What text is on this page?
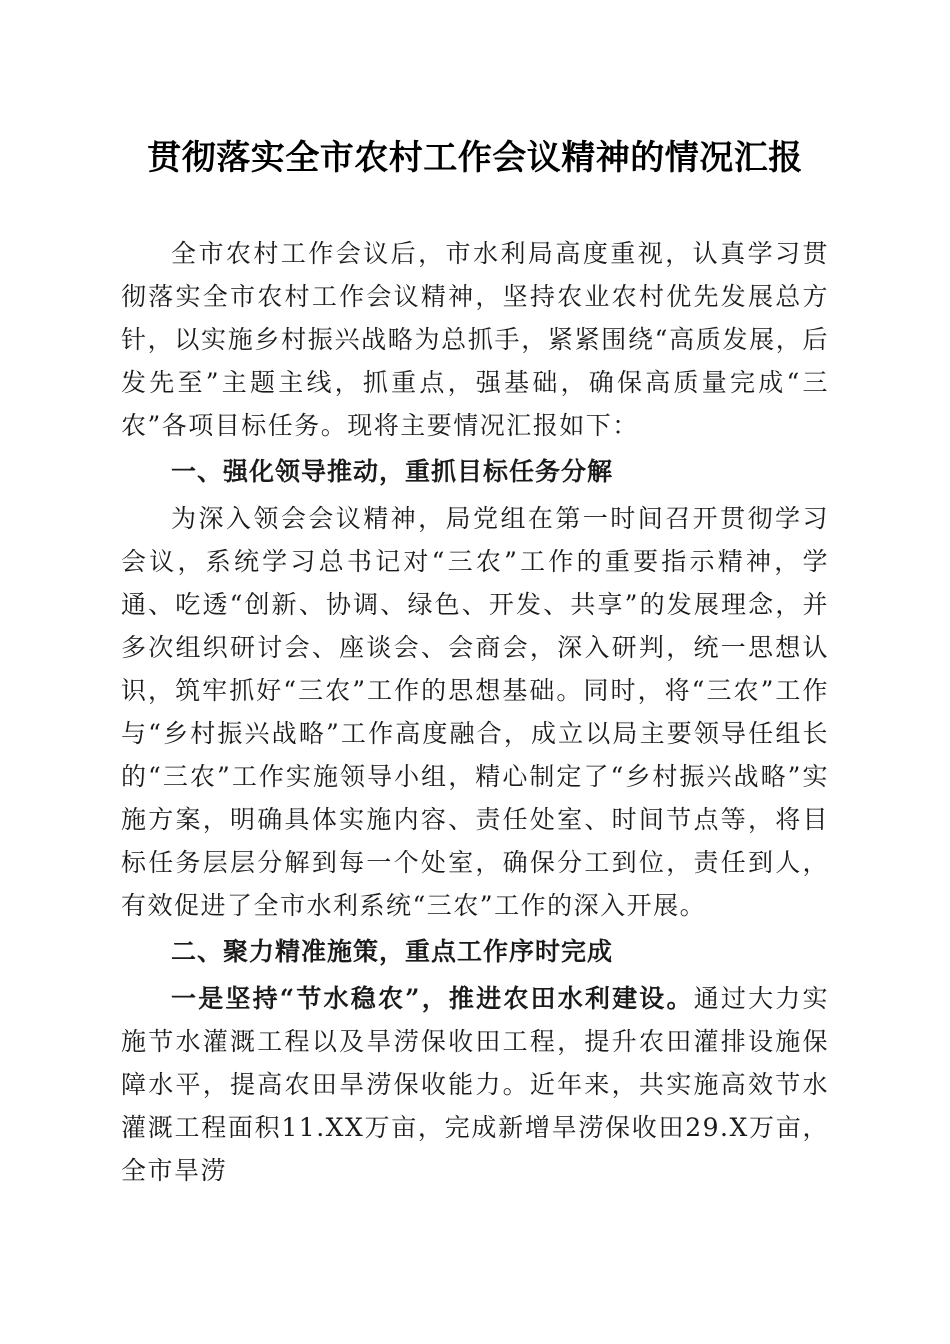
贯彻落实全市农村工作会议精神的情况汇报

全市农村工作会议后，市水利局高度重视，认真学习贯彻落实全市农村工作会议精神，坚持农业农村优先发展总方针，以实施乡村振兴战略为总抓手，紧紧围绕“高质发展，后发先至”主题主线，抓重点，强基础，确保高质量完成“三农”各项目标任务。现将主要情况汇报如下：

一、强化领导推动，重抓目标任务分解

为深入领会会议精神，局党组在第一时间召开贯彻学习会议，系统学习总书记对“三农”工作的重要指示精神，学通、吃透“创新、协调、绿色、开发、共享”的发展理念，并多次组织研讨会、座谈会、会商会，深入研判，统一思想认识，筑牢抓好“三农”工作的思想基础。同时，将“三农”工作与“乡村振兴战略”工作高度融合，成立以局主要领导任组长的“三农”工作实施领导小组，精心制定了“乡村振兴战略”实施方案，明确具体实施内容、责任处室、时间节点等，将目标任务层层分解到每一个处室，确保分工到位，责任到人，有效促进了全市水利系统“三农”工作的深入开展。

二、聚力精准施策，重点工作序时完成

一是坚持“节水稳农”，推进农田水利建设。通过大力实施节水灌溉工程以及旱涝保收田工程，提升农田灌排设施保障水平，提高农田旱涝保收能力。近年来，共实施高效节水灌溉工程面积11.XX万亩，完成新增旱涝保收田29.X万亩，全市旱涝
